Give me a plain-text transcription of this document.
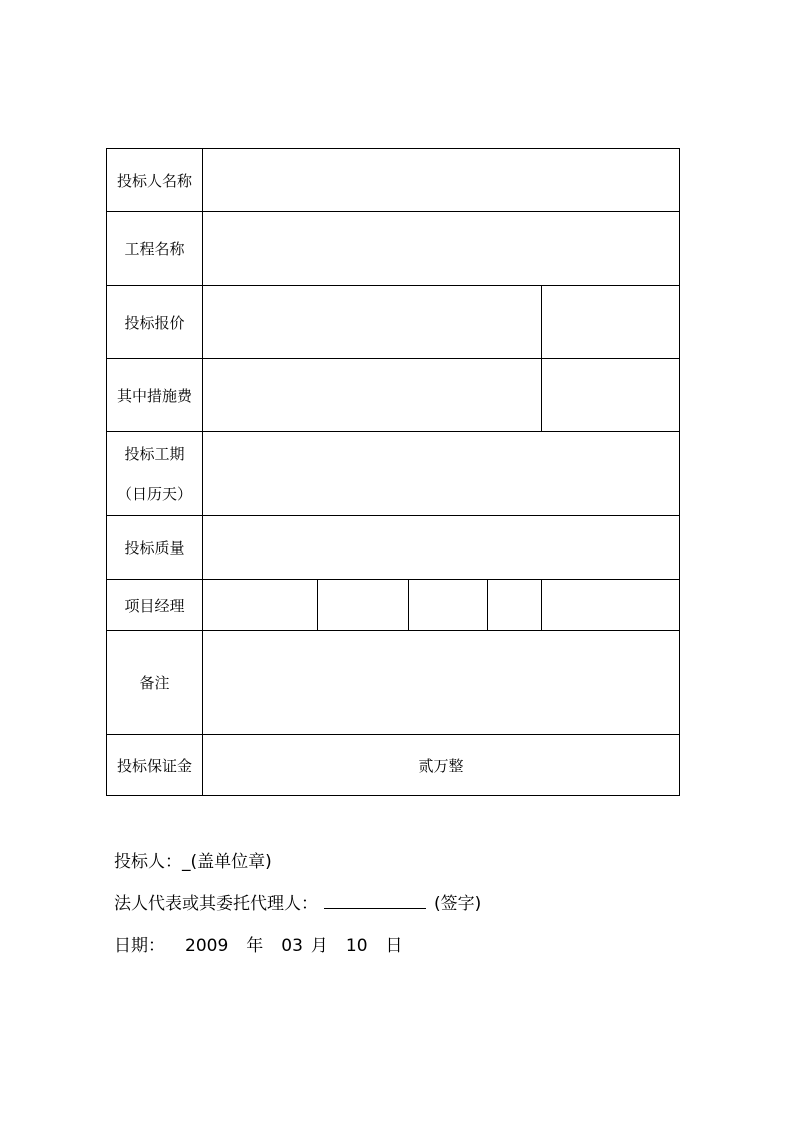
投标人名称					
工程名称					
投标报价					
其中措施费					

投标工期
（日历天）					

投标质量					
项目经理					
备注					
投标保证金	贰万整				
投标人：_(盖单位章)
法人代表或其委托代理人：	(签字)
日期： 2009 年 03 月 10 日
